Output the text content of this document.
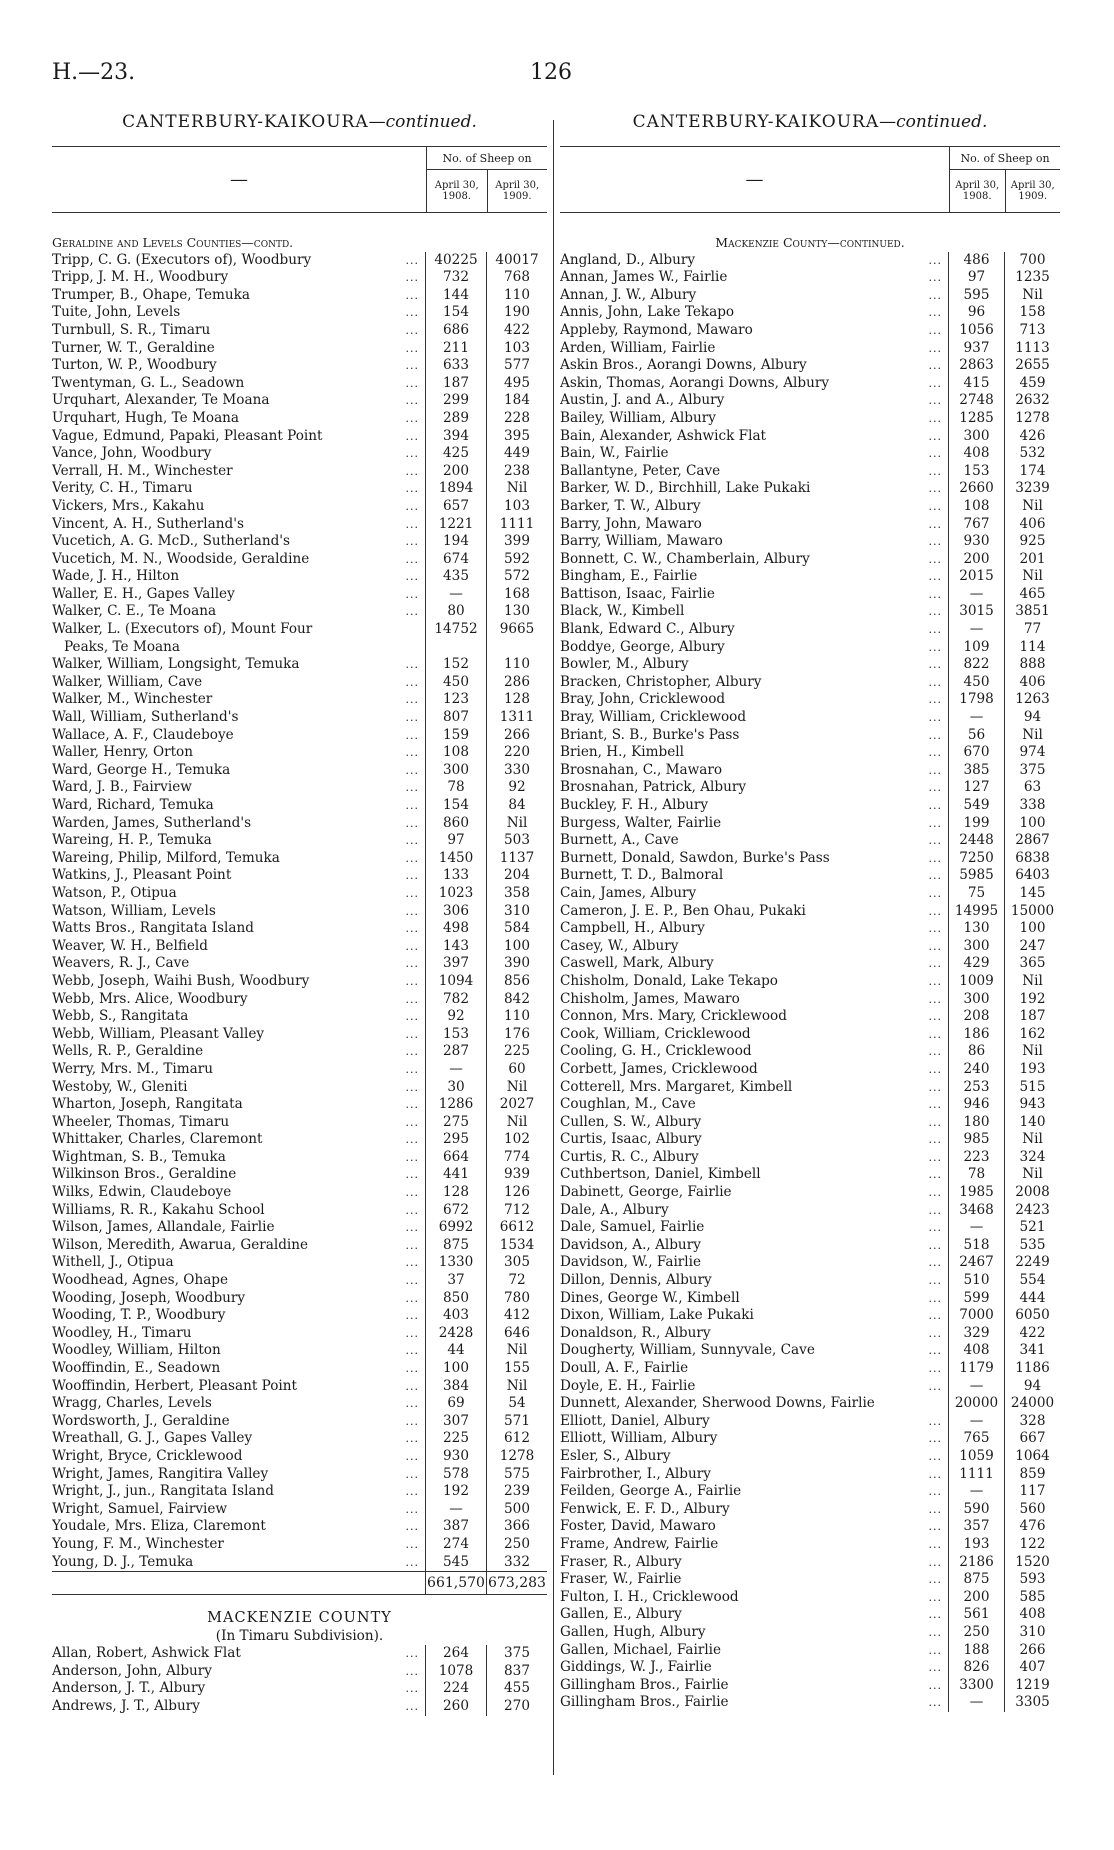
H.—23.	126
CANTERBURY-KAIKOURA—continued.
—
No. of Sheep on
April 30, 1908.
April 30, 1909.
Geraldine and Levels Counties—contd.
Tripp, C. G. (Executors of), Woodbury	...	40225	40017
Tripp, J. M. H., Woodbury	...	732	768
Trumper, B., Ohape, Temuka	...	144	110
Tuite, John, Levels	...	154	190
Turnbull, S. R., Timaru	...	686	422
Turner, W. T., Geraldine	...	211	103
Turton, W. P., Woodbury	...	633	577
Twentyman, G. L., Seadown	...	187	495
Urquhart, Alexander, Te Moana	...	299	184
Urquhart, Hugh, Te Moana	...	289	228
Vague, Edmund, Papaki, Pleasant Point	...	394	395
Vance, John, Woodbury	...	425	449
Verrall, H. M., Winchester	...	200	238
Verity, C. H., Timaru	...	1894	Nil
Vickers, Mrs., Kakahu	...	657	103
Vincent, A. H., Sutherland's	...	1221	1111
Vucetich, A. G. McD., Sutherland's	...	194	399
Vucetich, M. N., Woodside, Geraldine	...	674	592
Wade, J. H., Hilton	...	435	572
Waller, E. H., Gapes Valley	...	—	168
Walker, C. E., Te Moana	...	80	130
Walker, L. (Executors of), Mount Four	14752	9665
Peaks, Te Moana
Walker, William, Longsight, Temuka	...	152	110
Walker, William, Cave	...	450	286
Walker, M., Winchester	...	123	128
Wall, William, Sutherland's	...	807	1311
Wallace, A. F., Claudeboye	...	159	266
Waller, Henry, Orton	...	108	220
Ward, George H., Temuka	...	300	330
Ward, J. B., Fairview	...	78	92
Ward, Richard, Temuka	...	154	84
Warden, James, Sutherland's	...	860	Nil
Wareing, H. P., Temuka	...	97	503
Wareing, Philip, Milford, Temuka	...	1450	1137
Watkins, J., Pleasant Point	...	133	204
Watson, P., Otipua	...	1023	358
Watson, William, Levels	...	306	310
Watts Bros., Rangitata Island	...	498	584
Weaver, W. H., Belfield	...	143	100
Weavers, R. J., Cave	...	397	390
Webb, Joseph, Waihi Bush, Woodbury	...	1094	856
Webb, Mrs. Alice, Woodbury	...	782	842
Webb, S., Rangitata	...	92	110
Webb, William, Pleasant Valley	...	153	176
Wells, R. P., Geraldine	...	287	225
Werry, Mrs. M., Timaru	...	—	60
Westoby, W., Gleniti	...	30	Nil
Wharton, Joseph, Rangitata	...	1286	2027
Wheeler, Thomas, Timaru	...	275	Nil
Whittaker, Charles, Claremont	...	295	102
Wightman, S. B., Temuka	...	664	774
Wilkinson Bros., Geraldine	...	441	939
Wilks, Edwin, Claudeboye	...	128	126
Williams, R. R., Kakahu School	...	672	712
Wilson, James, Allandale, Fairlie	...	6992	6612
Wilson, Meredith, Awarua, Geraldine	...	875	1534
Withell, J., Otipua	...	1330	305
Woodhead, Agnes, Ohape	...	37	72
Wooding, Joseph, Woodbury	...	850	780
Wooding, T. P., Woodbury	...	403	412
Woodley, H., Timaru	...	2428	646
Woodley, William, Hilton	...	44	Nil
Wooffindin, E., Seadown	...	100	155
Wooffindin, Herbert, Pleasant Point	...	384	Nil
Wragg, Charles, Levels	...	69	54
Wordsworth, J., Geraldine	...	307	571
Wreathall, G. J., Gapes Valley	...	225	612
Wright, Bryce, Cricklewood	...	930	1278
Wright, James, Rangitira Valley	...	578	575
Wright, J., jun., Rangitata Island	...	192	239
Wright, Samuel, Fairview	...	—	500
Youdale, Mrs. Eliza, Claremont	...	387	366
Young, F. M., Winchester	...	274	250
Young, D. J., Temuka	...	545	332
661,570 673,283
MACKENZIE COUNTY
(In Timaru Subdivision).
Allan, Robert, Ashwick Flat	...	264	375
Anderson, John, Albury	...	1078	837
Anderson, J. T., Albury	...	224	455
Andrews, J. T., Albury	...	260	270
CANTERBURY-KAIKOURA—continued.
—
No. of Sheep on
April 30, 1908.
April 30, 1909.
Mackenzie County—continued.
Angland, D., Albury	...	486	700
Annan, James W., Fairlie	...	97	1235
Annan, J. W., Albury	...	595	Nil
Annis, John, Lake Tekapo	...	96	158
Appleby, Raymond, Mawaro	...	1056	713
Arden, William, Fairlie	...	937	1113
Askin Bros., Aorangi Downs, Albury	...	2863	2655
Askin, Thomas, Aorangi Downs, Albury	...	415	459
Austin, J. and A., Albury	...	2748	2632
Bailey, William, Albury	...	1285	1278
Bain, Alexander, Ashwick Flat	...	300	426
Bain, W., Fairlie	...	408	532
Ballantyne, Peter, Cave	...	153	174
Barker, W. D., Birchhill, Lake Pukaki	...	2660	3239
Barker, T. W., Albury	...	108	Nil
Barry, John, Mawaro	...	767	406
Barry, William, Mawaro	...	930	925
Bonnett, C. W., Chamberlain, Albury	...	200	201
Bingham, E., Fairlie	...	2015	Nil
Battison, Isaac, Fairlie	...	—	465
Black, W., Kimbell	...	3015	3851
Blank, Edward C., Albury	...	—	77
Boddye, George, Albury	...	109	114
Bowler, M., Albury	...	822	888
Bracken, Christopher, Albury	...	450	406
Bray, John, Cricklewood	...	1798	1263
Bray, William, Cricklewood	...	—	94
Briant, S. B., Burke's Pass	...	56	Nil
Brien, H., Kimbell	...	670	974
Brosnahan, C., Mawaro	...	385	375
Brosnahan, Patrick, Albury	...	127	63
Buckley, F. H., Albury	...	549	338
Burgess, Walter, Fairlie	...	199	100
Burnett, A., Cave	...	2448	2867
Burnett, Donald, Sawdon, Burke's Pass	...	7250	6838
Burnett, T. D., Balmoral	...	5985	6403
Cain, James, Albury	...	75	145
Cameron, J. E. P., Ben Ohau, Pukaki	... 14995 15000
Campbell, H., Albury	...	130	100
Casey, W., Albury	...	300	247
Caswell, Mark, Albury	...	429	365
Chisholm, Donald, Lake Tekapo	...	1009	Nil
Chisholm, James, Mawaro	...	300	192
Connon, Mrs. Mary, Cricklewood	...	208	187
Cook, William, Cricklewood	...	186	162
Cooling, G. H., Cricklewood	...	86	Nil
Corbett, James, Cricklewood	...	240	193
Cotterell, Mrs. Margaret, Kimbell	...	253	515
Coughlan, M., Cave	...	946	943
Cullen, S. W., Albury	...	180	140
Curtis, Isaac, Albury	...	985	Nil
Curtis, R. C., Albury	...	223	324
Cuthbertson, Daniel, Kimbell	...	78	Nil
Dabinett, George, Fairlie	...	1985	2008
Dale, A., Albury	...	3468	2423
Dale, Samuel, Fairlie	...	—	521
Davidson, A., Albury	...	518	535
Davidson, W., Fairlie	...	2467	2249
Dillon, Dennis, Albury	...	510	554
Dines, George W., Kimbell	...	599	444
Dixon, William, Lake Pukaki	...	7000	6050
Donaldson, R., Albury	...	329	422
Dougherty, William, Sunnyvale, Cave	...	408	341
Doull, A. F., Fairlie	...	1179	1186
Doyle, E. H., Fairlie	...	—	94
Dunnett, Alexander, Sherwood Downs, Fairlie	20000 24000
Elliott, Daniel, Albury	...	—	328
Elliott, William, Albury	...	765	667
Esler, S., Albury	...	1059	1064
Fairbrother, I., Albury	...	1111	859
Feilden, George A., Fairlie	...	—	117
Fenwick, E. F. D., Albury	...	590	560
Foster, David, Mawaro	...	357	476
Frame, Andrew, Fairlie	...	193	122
Fraser, R., Albury	...	2186	1520
Fraser, W., Fairlie	...	875	593
Fulton, I. H., Cricklewood	...	200	585
Gallen, E., Albury	...	561	408
Gallen, Hugh, Albury	...	250	310
Gallen, Michael, Fairlie	...	188	266
Giddings, W. J., Fairlie	...	826	407
Gillingham Bros., Fairlie	...	3300	1219
Gillingham Bros., Fairlie	...	—	3305
